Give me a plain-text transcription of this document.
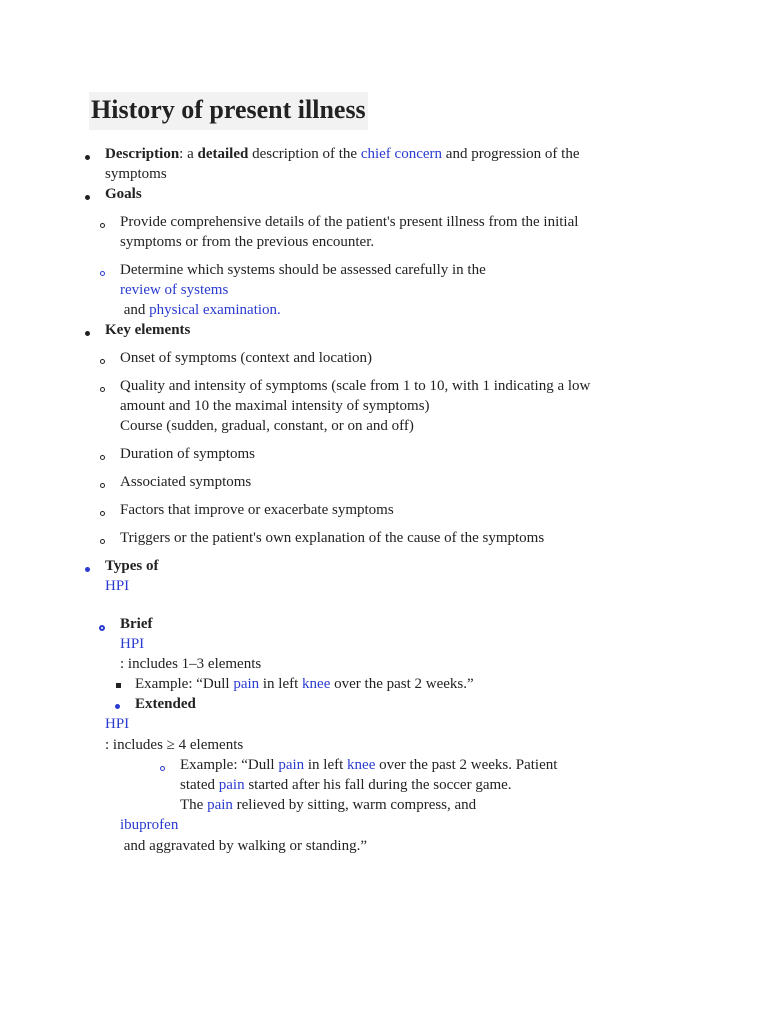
History of present illness
Description: a detailed description of the chief concern and progression of the
symptoms
Goals
Provide comprehensive details of the patient's present illness from the initial
symptoms or from the previous encounter.
Determine which systems should be assessed carefully in the
review of systems
and physical examination.
Key elements
Onset of symptoms (context and location)
Quality and intensity of symptoms (scale from 1 to 10, with 1 indicating a low
amount and 10 the maximal intensity of symptoms)
Course (sudden, gradual, constant, or on and off)
Duration of symptoms
Associated symptoms
Factors that improve or exacerbate symptoms
Triggers or the patient's own explanation of the cause of the symptoms
Types of
HPI
Brief
HPI
: includes 1–3 elements
Example: “Dull pain in left knee over the past 2 weeks.”
Extended
HPI
: includes ≥ 4 elements
Example: “Dull pain in left knee over the past 2 weeks. Patient
stated pain started after his fall during the soccer game.
The pain relieved by sitting, warm compress, and
ibuprofen
and aggravated by walking or standing.”
